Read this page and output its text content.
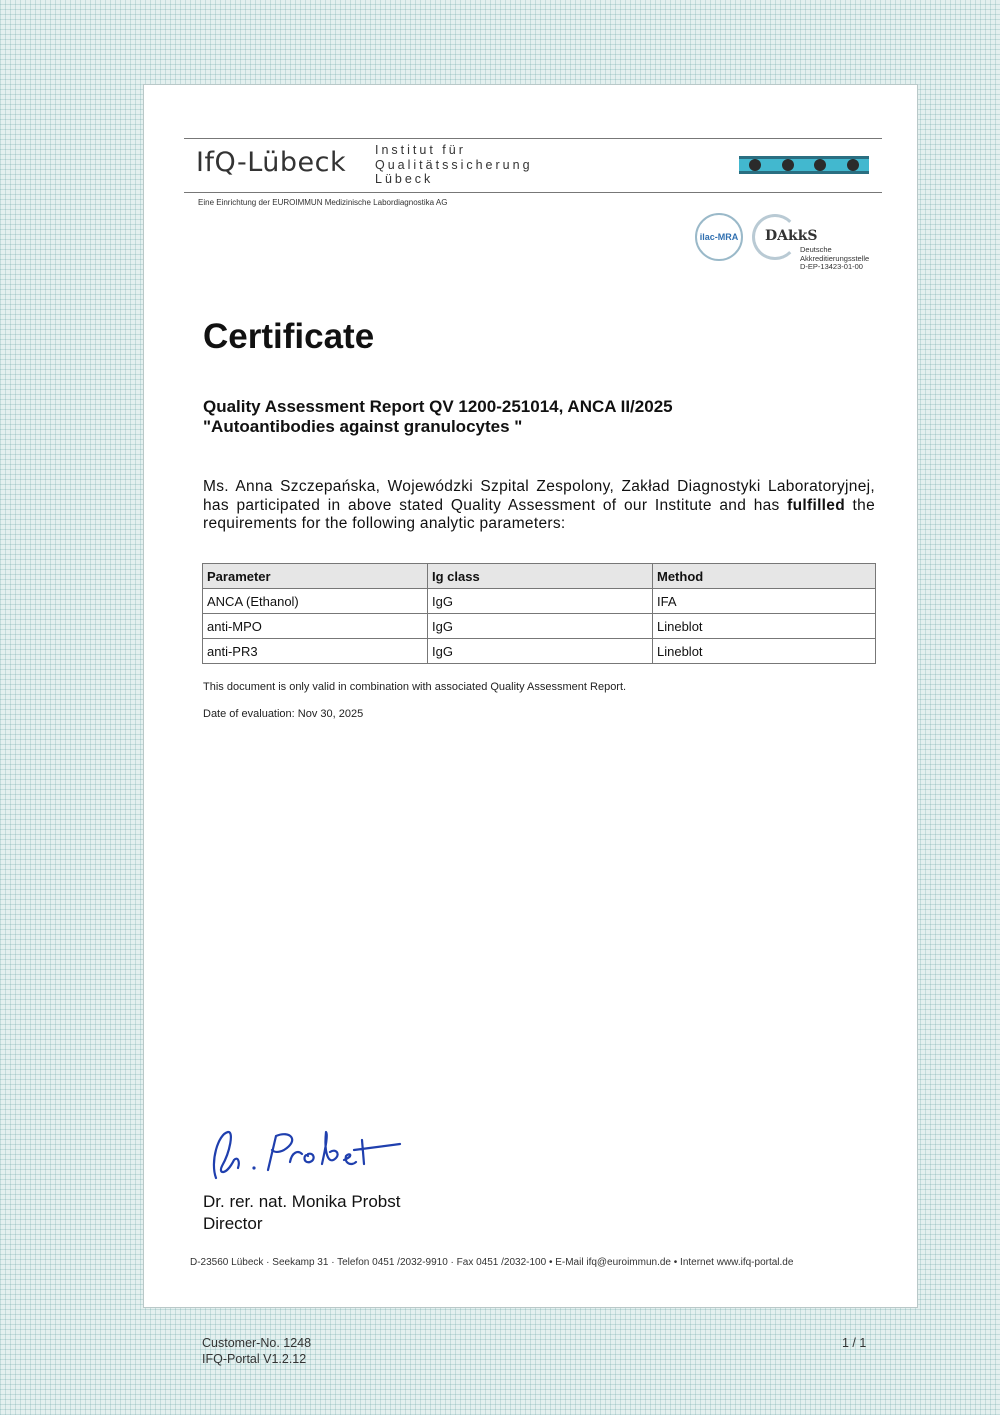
IfQ-Lübeck Institut für
Qualitätssicherung
Lübeck
Eine Einrichtung der EUROIMMUN Medizinische Labordiagnostika AG
ilac-MRA	DAkkS
Deutsche
Akkreditierungsstelle
D-EP-13423-01-00
Certificate
Quality Assessment Report QV 1200-251014, ANCA II/2025
"Autoantibodies against granulocytes "
Ms. Anna Szczepańska, Wojewódzki Szpital Zespolony, Zakład Diagnostyki Laboratoryjnej, has participated in above stated Quality Assessment of our Institute and has fulfilled the requirements for the following analytic parameters:
Parameter	Ig class	Method
ANCA (Ethanol)	IgG	IFA
anti-MPO	IgG	Lineblot
anti-PR3	IgG	Lineblot
This document is only valid in combination with associated Quality Assessment Report.
Date of evaluation: Nov 30, 2025
Dr. rer. nat. Monika Probst
Director
D-23560 Lübeck · Seekamp 31 · Telefon 0451 /2032-9910 · Fax 0451 /2032-100 • E-Mail ifq@euroimmun.de • Internet www.ifq-portal.de
Customer-No. 1248
IFQ-Portal V1.2.12
1 / 1
